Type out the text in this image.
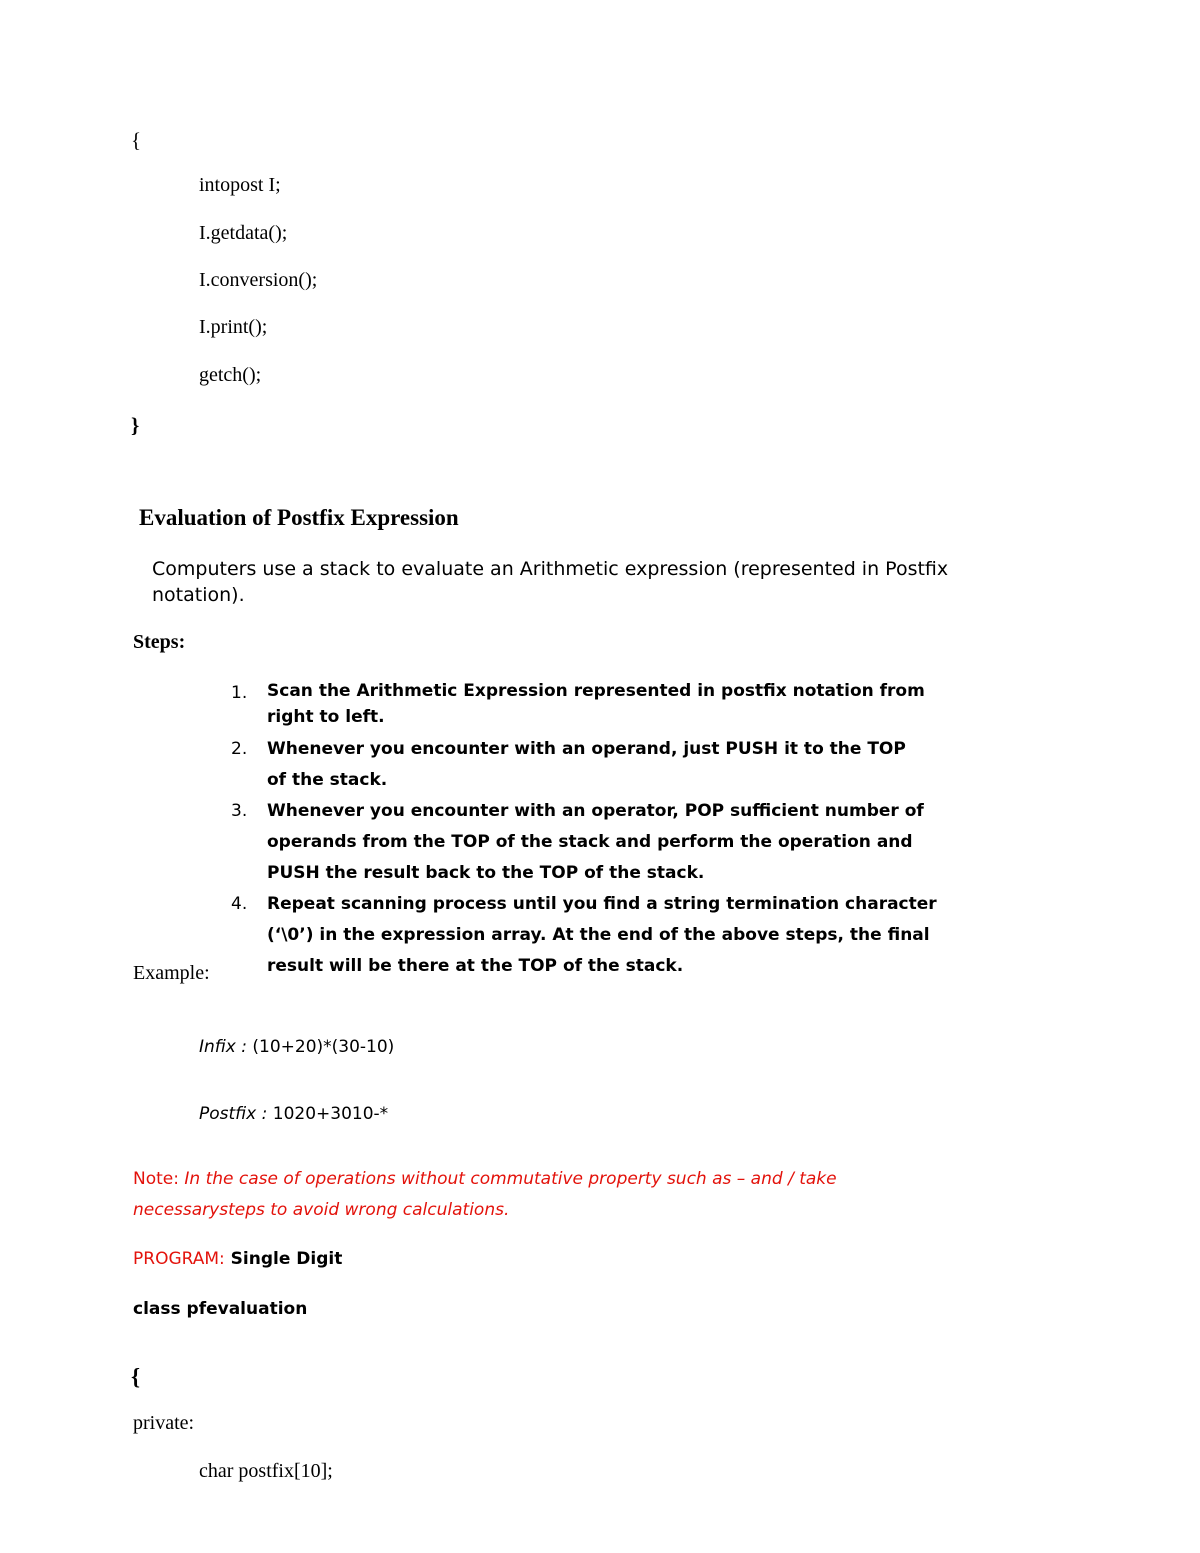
{
intopost I;
I.getdata();
I.conversion();
I.print();
getch();
}
Evaluation of Postfix Expression
Computers use a stack to evaluate an Arithmetic expression (represented in Postfix
notation).
Steps:
1. Scan the Arithmetic Expression represented in postfix notation from right to left.
2. Whenever you encounter with an operand, just PUSH it to the TOP of the stack.
3. Whenever you encounter with an operator, POP sufficient number of operands from the TOP of the stack and perform the operation and PUSH the result back to the TOP of the stack.
4. Repeat scanning process until you find a string termination character (‘\0’) in the expression array. At the end of the above steps, the final result will be there at the TOP of the stack.
Example:
Infix : (10+20)*(30-10)
Postfix : 1020+3010-*
Note: In the case of operations without commutative property such as – and / take necessarysteps to avoid wrong calculations.
PROGRAM: Single Digit
class pfevaluation
{
private:
char postfix[10];
